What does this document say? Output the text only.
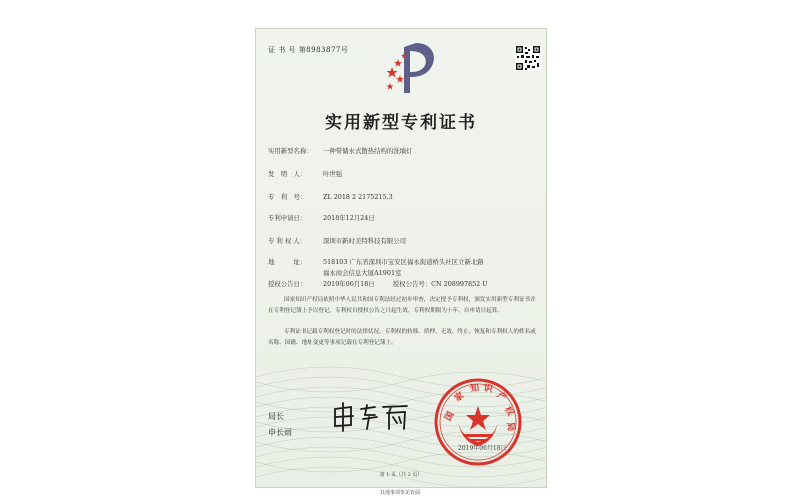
证 书 号 第8983877号
实用新型专利证书
实用新型名称： 一种带储水式散热结构的洗墙灯
发　明　人：	叶世强
专　利　号：	ZL 2018 2 2175215.3
专利申请日：	2018年12月24日
专 利 权 人：	深圳市新时美特科技有限公司
地　　　址：	518103 广东省深圳市宝安区福永街道桥头社区立新北路
福永商会信息大厦A1901室
授权公告日：	2019年06月18日	授权公告号：CN 208997852 U

国家知识产权局依照中华人民共和国专利法经过初步审查，决定授予专利权，颁发实用新型专利证书并在专利登记簿上予以登记。专利权自授权公告之日起生效。专利权期限为十年，自申请日起算。

专利证书记载专利权登记时的法律状况。专利权的转移、质押、无效、终止、恢复和专利权人的姓名或名称、国籍、地址变更等事项记载在专利登记簿上。

局长
申长雨
国
家
知 识
产
权
局
2019年06月18日
第 1 页（共 2 页）
其他事项参见背面
